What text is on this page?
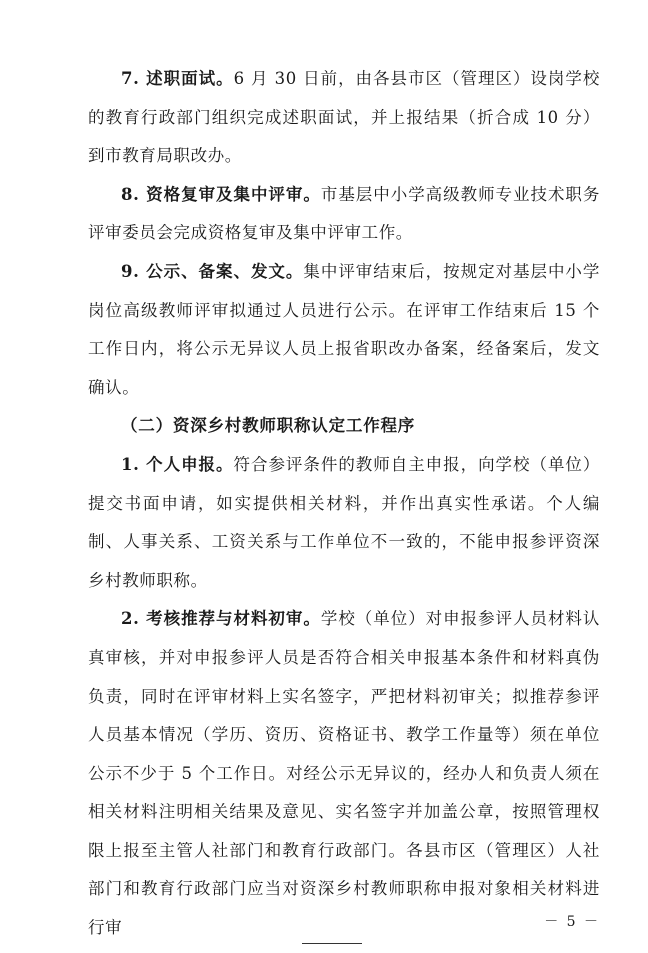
7. 述职面试。6 月 30 日前，由各县市区（管理区）设岗学校的教育行政部门组织完成述职面试，并上报结果（折合成 10 分）到市教育局职改办。

8. 资格复审及集中评审。市基层中小学高级教师专业技术职务评审委员会完成资格复审及集中评审工作。

9. 公示、备案、发文。集中评审结束后，按规定对基层中小学岗位高级教师评审拟通过人员进行公示。在评审工作结束后 15 个工作日内，将公示无异议人员上报省职改办备案，经备案后，发文确认。

（二）资深乡村教师职称认定工作程序

1. 个人申报。符合参评条件的教师自主申报，向学校（单位）提交书面申请，如实提供相关材料，并作出真实性承诺。个人编制、人事关系、工资关系与工作单位不一致的，不能申报参评资深乡村教师职称。

2. 考核推荐与材料初审。学校（单位）对申报参评人员材料认真审核，并对申报参评人员是否符合相关申报基本条件和材料真伪负责，同时在评审材料上实名签字，严把材料初审关；拟推荐参评人员基本情况（学历、资历、资格证书、教学工作量等）须在单位公示不少于 5 个工作日。对经公示无异议的，经办人和负责人须在相关材料注明相关结果及意见、实名签字并加盖公章，按照管理权限上报至主管人社部门和教育行政部门。各县市区（管理区）人社部门和教育行政部门应当对资深乡村教师职称申报对象相关材料进行审	－ 5 －
